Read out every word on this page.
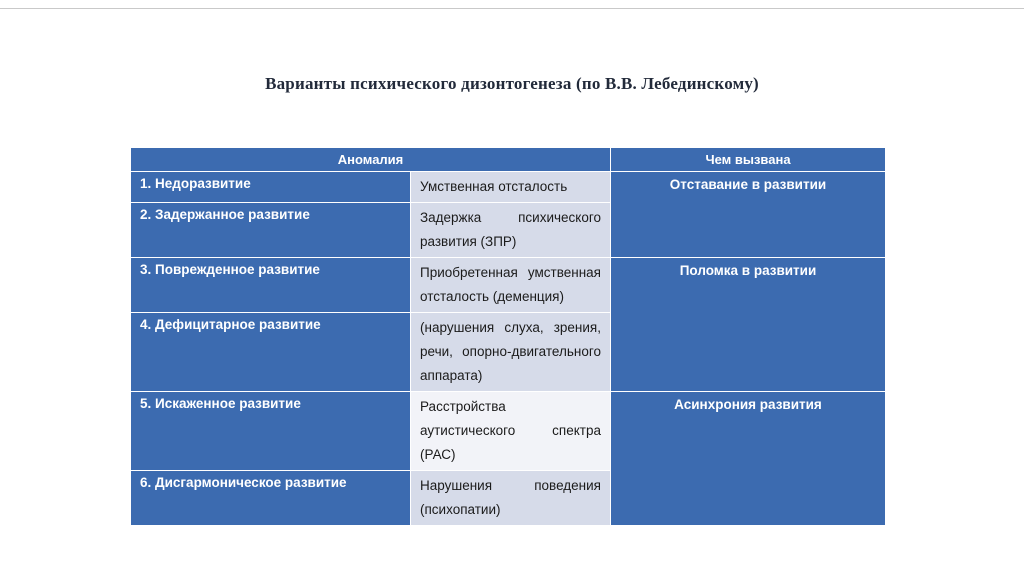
Варианты психического дизонтогенеза (по В.В. Лебединскому)
Аномалия		Чем вызвана
1. Недоразвитие	Умственная отсталость	Отставание в развитии
2. Задержанное развитие	Задержка психического развития (ЗПР)	
3. Поврежденное развитие	Приобретенная умственная отсталость (деменция)	Поломка в развитии
4. Дефицитарное развитие	(нарушения слуха, зрения, речи, опорно-двигательного аппарата)	
5. Искаженное развитие	Расстройства аутистического спектра (РАС)	Асинхрония развития
6. Дисгармоническое развитие	Нарушения поведения (психопатии)	
